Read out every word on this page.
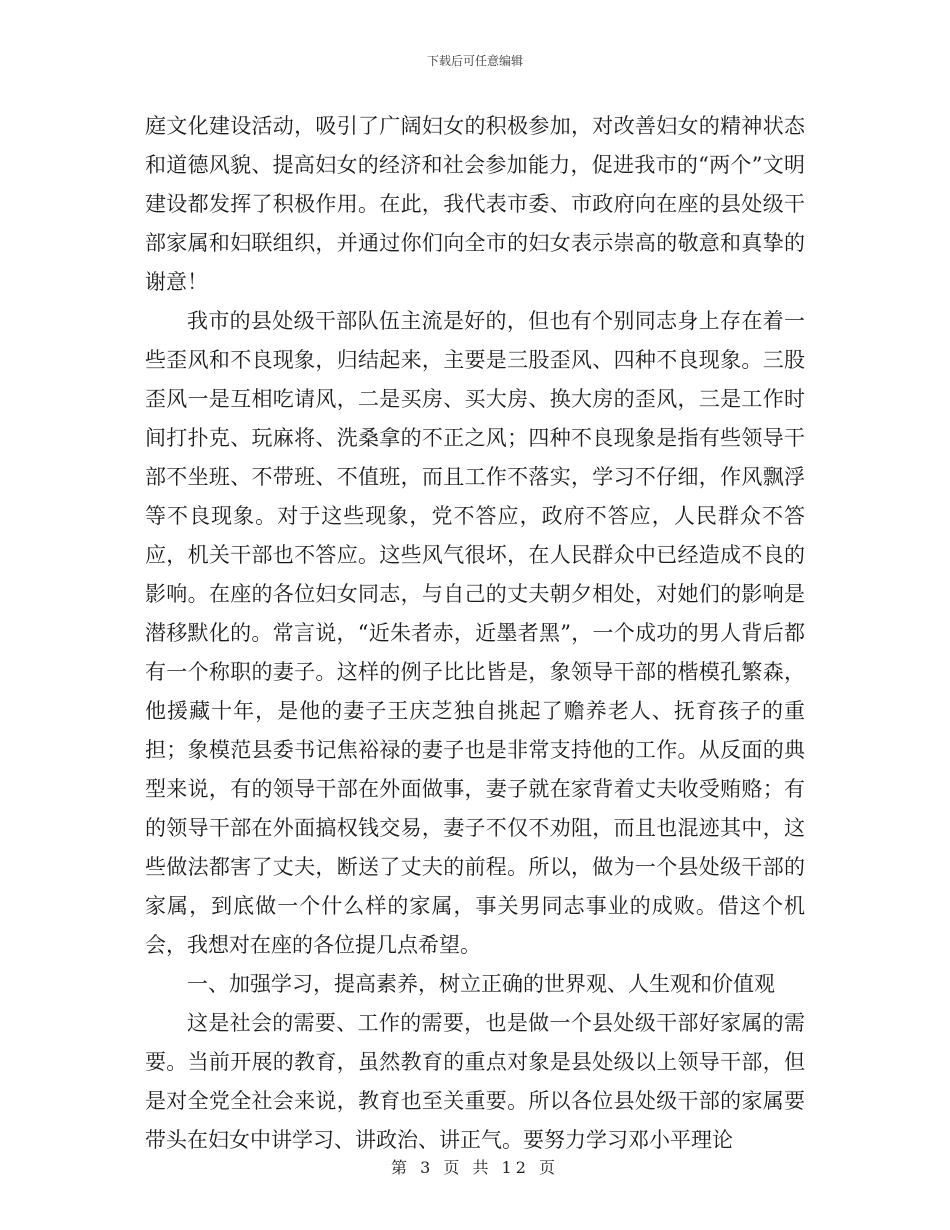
下载后可任意编辑

庭文化建设活动，吸引了广阔妇女的积极参加，对改善妇女的精神状态和道德风貌、提高妇女的经济和社会参加能力，促进我市的“两个”文明建设都发挥了积极作用。在此，我代表市委、市政府向在座的县处级干部家属和妇联组织，并通过你们向全市的妇女表示崇高的敬意和真挚的谢意！

我市的县处级干部队伍主流是好的，但也有个别同志身上存在着一些歪风和不良现象，归结起来，主要是三股歪风、四种不良现象。三股歪风一是互相吃请风，二是买房、买大房、换大房的歪风，三是工作时间打扑克、玩麻将、洗桑拿的不正之风；四种不良现象是指有些领导干部不坐班、不带班、不值班，而且工作不落实，学习不仔细，作风飘浮等不良现象。对于这些现象，党不答应，政府不答应，人民群众不答应，机关干部也不答应。这些风气很坏，在人民群众中已经造成不良的影响。在座的各位妇女同志，与自己的丈夫朝夕相处，对她们的影响是潜移默化的。常言说，“近朱者赤，近墨者黑”，一个成功的男人背后都有一个称职的妻子。这样的例子比比皆是，象领导干部的楷模孔繁森，他援藏十年，是他的妻子王庆芝独自挑起了赡养老人、抚育孩子的重担；象模范县委书记焦裕禄的妻子也是非常支持他的工作。从反面的典型来说，有的领导干部在外面做事，妻子就在家背着丈夫收受贿赂；有的领导干部在外面搞权钱交易，妻子不仅不劝阻，而且也混迹其中，这些做法都害了丈夫，断送了丈夫的前程。所以，做为一个县处级干部的家属，到底做一个什么样的家属，事关男同志事业的成败。借这个机会，我想对在座的各位提几点希望。

一、加强学习，提高素养，树立正确的世界观、人生观和价值观

这是社会的需要、工作的需要，也是做一个县处级干部好家属的需要。当前开展的教育，虽然教育的重点对象是县处级以上领导干部，但是对全党全社会来说，教育也至关重要。所以各位县处级干部的家属要带头在妇女中讲学习、讲政治、讲正气。要努力学习邓小平理论

第 3 页 共 12 页
